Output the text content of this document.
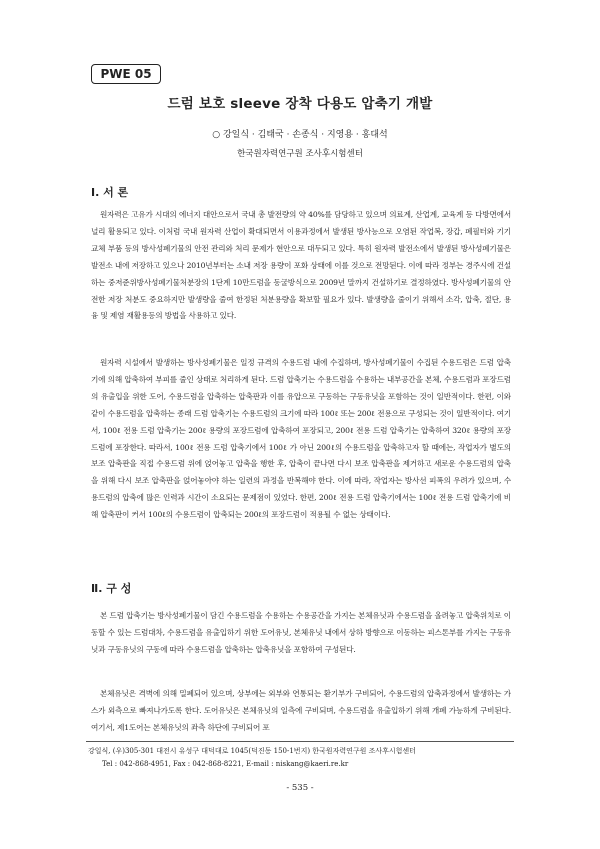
PWE 05
드럼 보호 sleeve 장착 다용도 압축기 개발
○ 강일식 · 김태국 · 손종식 · 지영용 · 홍대석
한국원자력연구원 조사후시험센터
Ⅰ. 서 론

원자력은 고유가 시대의 에너지 대안으로서 국내 총 발전량의 약 40%를 담당하고 있으며 의료계, 산업계, 교육계 등 다방면에서 널리 활용되고 있다. 이처럼 국내 원자력 산업이 확대되면서 이용과정에서 발생된 방사능으로 오염된 작업복, 장갑, 폐필터와 기기교체 부품 등의 방사성폐기물의 안전 관리와 처리 문제가 현안으로 대두되고 있다. 특히 원자력 발전소에서 발생된 방사성폐기물은 발전소 내에 저장하고 있으나 2010년부터는 소내 저장 용량이 포화 상태에 이를 것으로 전망된다. 이에 따라 정부는 경주시에 건설하는 중저준위방사성폐기물처분장의 1단계 10만드럼을 동굴방식으로 2009년 말까지 건설하기로 결정하였다. 방사성폐기물의 안전한 저장 처분도 중요하지만 발생량을 줄여 한정된 처분용량을 확보할 필요가 있다. 발생량을 줄이기 위해서 소각, 압축, 절단, 용융 및 제염 재활용등의 방법을 사용하고 있다.

원자력 시설에서 발생하는 방사성폐기물은 일정 규격의 수용드럼 내에 수집하며, 방사성폐기물이 수집된 수용드럼은 드럼 압축기에 의해 압축하여 부피를 줄인 상태로 처리하게 된다. 드럼 압축기는 수용드럼을 수용하는 내부공간을 본체, 수용드럼과 포장드럼의 유출입을 위한 도어, 수용드럼을 압축하는 압축판과 이를 유압으로 구동하는 구동유닛을 포함하는 것이 일반적이다. 한편, 이와 같이 수용드럼을 압축하는 종래 드럼 압축기는 수용드럼의 크기에 따라 100ℓ 또는 200ℓ 전용으로 구성되는 것이 일반적이다. 여기서, 100ℓ 전용 드럼 압축기는 200ℓ 용량의 포장드럼에 압축하여 포장되고, 200ℓ 전용 드럼 압축기는 압축하여 320ℓ 용량의 포장드럼에 포장한다. 따라서, 100ℓ 전용 드럼 압축기에서 100ℓ 가 아닌 200ℓ의 수용드럼을 압축하고자 할 때에는, 작업자가 별도의 보조 압축판을 직접 수용드럼 위에 얹어놓고 압축을 행한 후, 압축이 끝나면 다시 보조 압축판을 제거하고 새로운 수용드럼의 압축을 위해 다시 보조 압축판을 얹어놓아야 하는 일련의 과정을 반복해야 한다. 이에 따라, 작업자는 방사선 피폭의 우려가 있으며, 수용드럼의 압축에 많은 인력과 시간이 소요되는 문제점이 있었다. 한편, 200ℓ 전용 드럼 압축기에서는 100ℓ 전용 드럼 압축기에 비해 압축판이 커서 100ℓ의 수용드럼이 압축되는 200ℓ의 포장드럼이 적용될 수 없는 상태이다.

Ⅱ. 구 성

본 드럼 압축기는 방사성폐기물이 담긴 수용드럼을 수용하는 수용공간을 가지는 본체유닛과 수용드럼을 올려놓고 압축위치로 이동할 수 있는 드럼대차, 수용드럼을 유출입하기 위한 도어유닛, 본체유닛 내에서 상하 방향으로 이동하는 피스톤부를 가지는 구동유닛과 구동유닛의 구동에 따라 수용드럼을 압축하는 압축유닛을 포함하여 구성된다.

본체유닛은 격벽에 의해 밀폐되어 있으며, 상부에는 외부와 연통되는 환기부가 구비되어, 수용드럼의 압축과정에서 발생하는 가스가 외측으로 빠져나가도록 한다. 도어유닛은 본체유닛의 일측에 구비되며, 수용드럼을 유출입하기 위해 개폐 가능하게 구비된다. 여기서, 제1도어는 본체유닛의 좌측 하단에 구비되어 포

강일식, (우)305-301 대전시 유성구 대덕대로 1045(덕진동 150-1번지) 한국원자력연구원 조사후시험센터

Tel : 042-868-4951, Fax : 042-868-8221, E-mail : niskang@kaeri.re.kr

- 535 -
